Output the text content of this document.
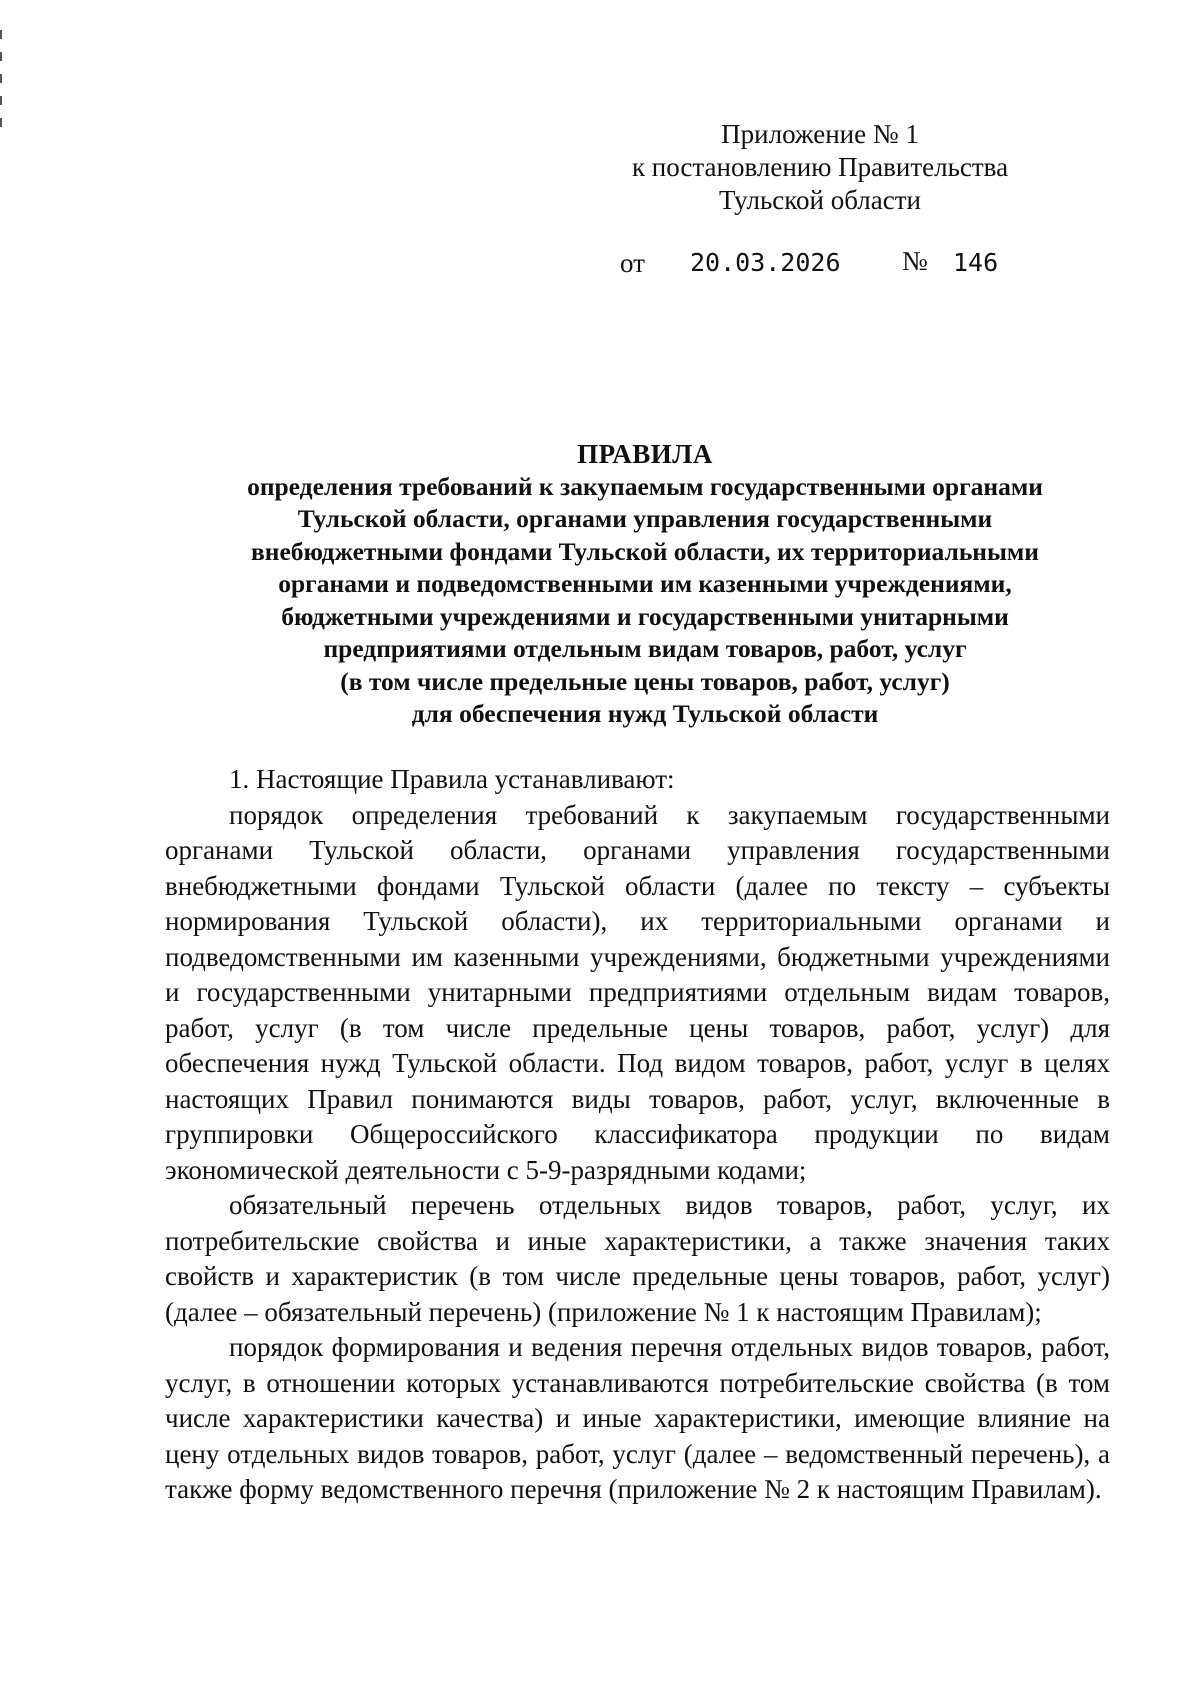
Приложение № 1
к постановлению Правительства
Тульской области
от 20.03.2026 № 146
ПРАВИЛА
определения требований к закупаемым государственными органами
Тульской области, органами управления государственными
внебюджетными фондами Тульской области, их территориальными
органами и подведомственными им казенными учреждениями,
бюджетными учреждениями и государственными унитарными
предприятиями отдельным видам товаров, работ, услуг
(в том числе предельные цены товаров, работ, услуг)
для обеспечения нужд Тульской области

1. Настоящие Правила устанавливают:

порядок определения требований к закупаемым государственными органами Тульской области, органами управления государственными внебюджетными фондами Тульской области (далее по тексту – субъекты нормирования Тульской области), их территориальными органами и подведомственными им казенными учреждениями, бюджетными учреждениями и государственными унитарными предприятиями отдельным видам товаров, работ, услуг (в том числе предельные цены товаров, работ, услуг) для обеспечения нужд Тульской области. Под видом товаров, работ, услуг в целях настоящих Правил понимаются виды товаров, работ, услуг, включенные в группировки Общероссийского классификатора продукции по видам экономической деятельности с 5-9-разрядными кодами;

обязательный перечень отдельных видов товаров, работ, услуг, их потребительские свойства и иные характеристики, а также значения таких свойств и характеристик (в том числе предельные цены товаров, работ, услуг) (далее – обязательный перечень) (приложение № 1 к настоящим Правилам);

порядок формирования и ведения перечня отдельных видов товаров, работ, услуг, в отношении которых устанавливаются потребительские свойства (в том числе характеристики качества) и иные характеристики, имеющие влияние на цену отдельных видов товаров, работ, услуг (далее – ведомственный перечень), а также форму ведомственного перечня (приложение № 2 к настоящим Правилам).
